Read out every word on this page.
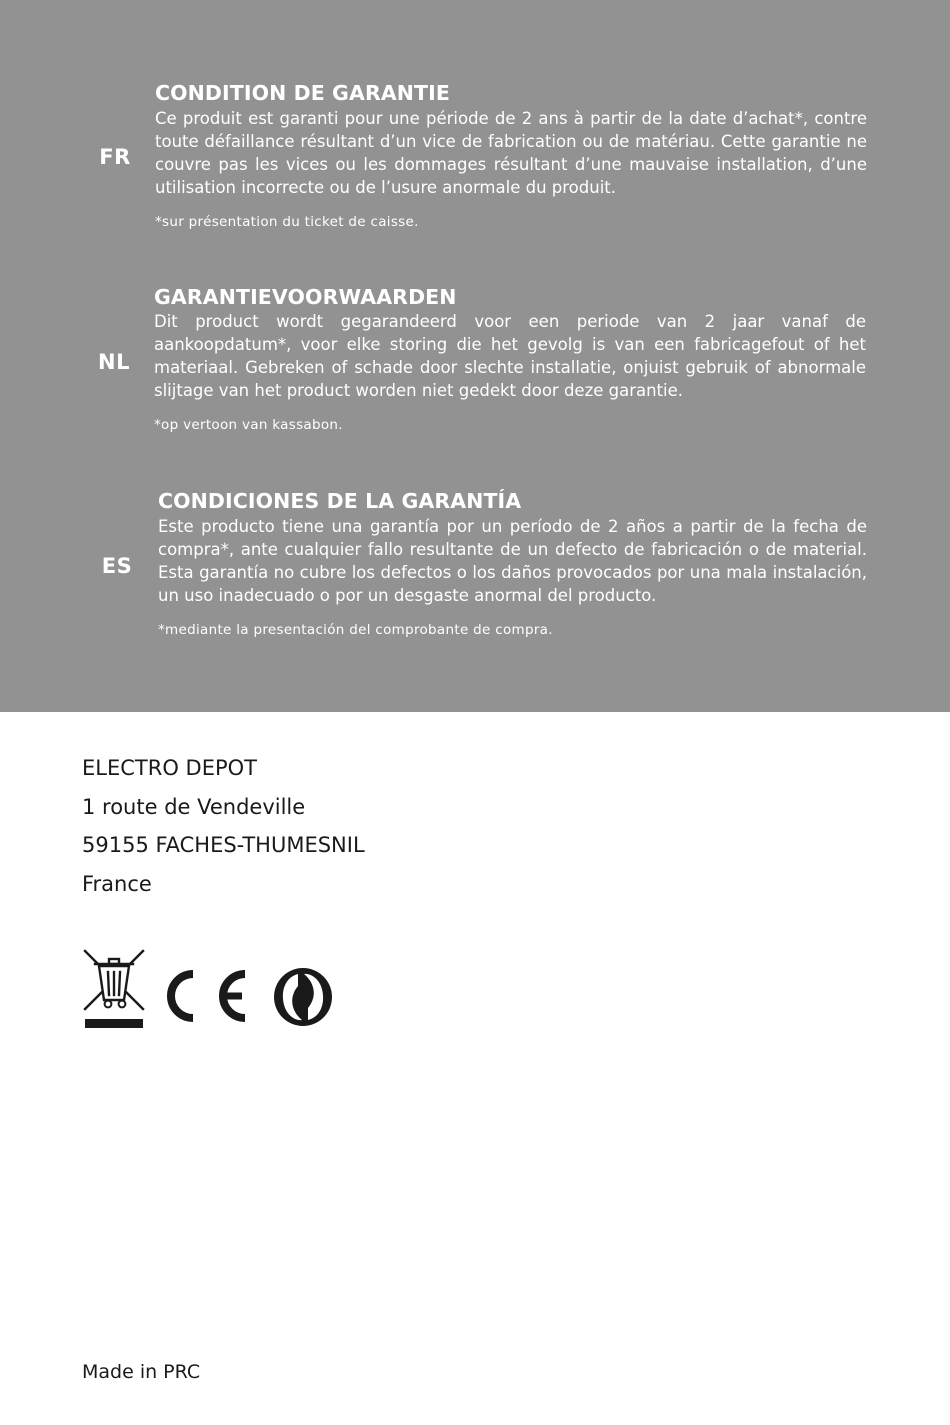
FR
CONDITION DE GARANTIE

Ce produit est garanti pour une période de 2 ans à partir de la date d’achat*, contre toute défaillance résultant d’un vice de fabrication ou de matériau. Cette garantie ne couvre pas les vices ou les dommages résultant d’une mauvaise installation, d’une utilisation incorrecte ou de l’usure anormale du produit.

*sur présentation du ticket de caisse.
NL
GARANTIEVOORWAARDEN

Dit product wordt gegarandeerd voor een periode van 2 jaar vanaf de aankoopdatum*, voor elke storing die het gevolg is van een fabricagefout of het materiaal. Gebreken of schade door slechte installatie, onjuist gebruik of abnormale slijtage van het product worden niet gedekt door deze garantie.

*op vertoon van kassabon.
ES
CONDICIONES DE LA GARANTÍA

Este producto tiene una garantía por un período de 2 años a partir de la fecha de compra*, ante cualquier fallo resultante de un defecto de fabricación o de material. Esta garantía no cubre los defectos o los daños provocados por una mala instalación, un uso inadecuado o por un desgaste anormal del producto.

*mediante la presentación del comprobante de compra.
ELECTRO DEPOT
1 route de Vendeville
59155 FACHES-THUMESNIL
France
Made in PRC
